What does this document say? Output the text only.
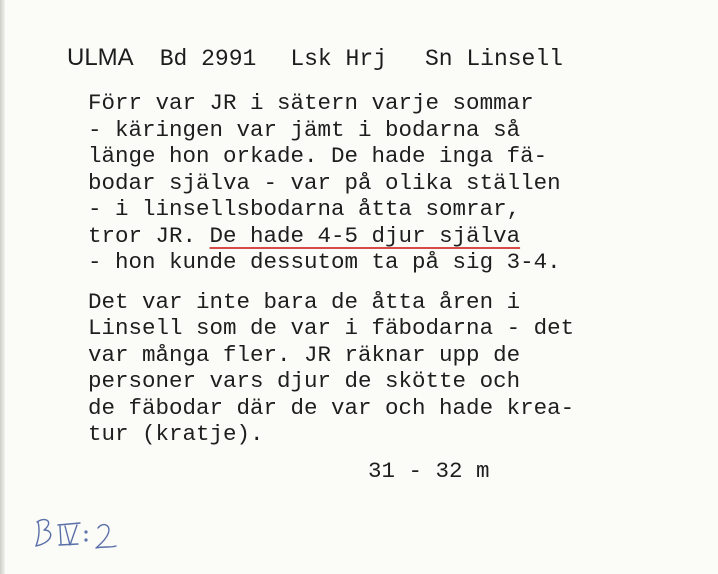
ULMA Bd 2991 Lsk Hrj Sn Linsell
Förr var JR i sätern varje sommar
- käringen var jämt i bodarna så
länge hon orkade. De hade inga fä-
bodar själva - var på olika ställen
- i linsellsbodarna åtta somrar,
tror JR. De hade 4-5 djur själva
- hon kunde dessutom ta på sig 3-4.
Det var inte bara de åtta åren i
Linsell som de var i fäbodarna - det
var många fler. JR räknar upp de
personer vars djur de skötte och
de fäbodar där de var och hade krea-
tur (kratje).
31 - 32 m
